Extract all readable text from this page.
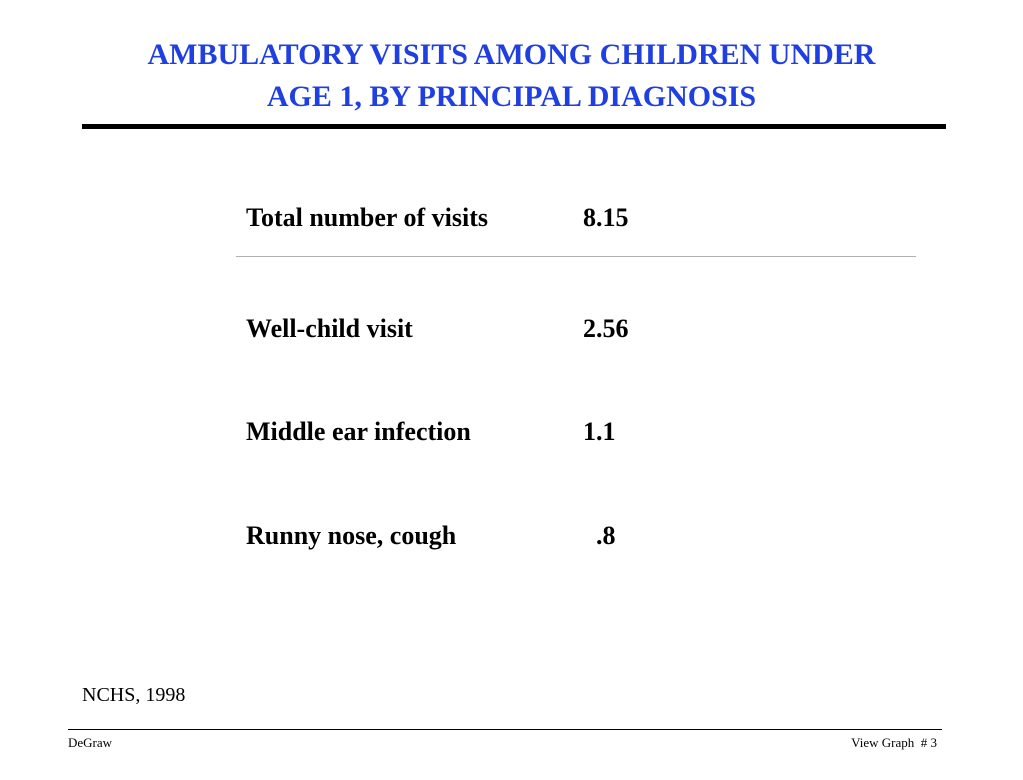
AMBULATORY VISITS AMONG CHILDREN UNDER
AGE 1, BY PRINCIPAL DIAGNOSIS
Total number of visits	8.15
Well-child visit	2.56
Middle ear infection	1.1
Runny nose, cough	.8
NCHS, 1998
DeGraw	View Graph  # 3
